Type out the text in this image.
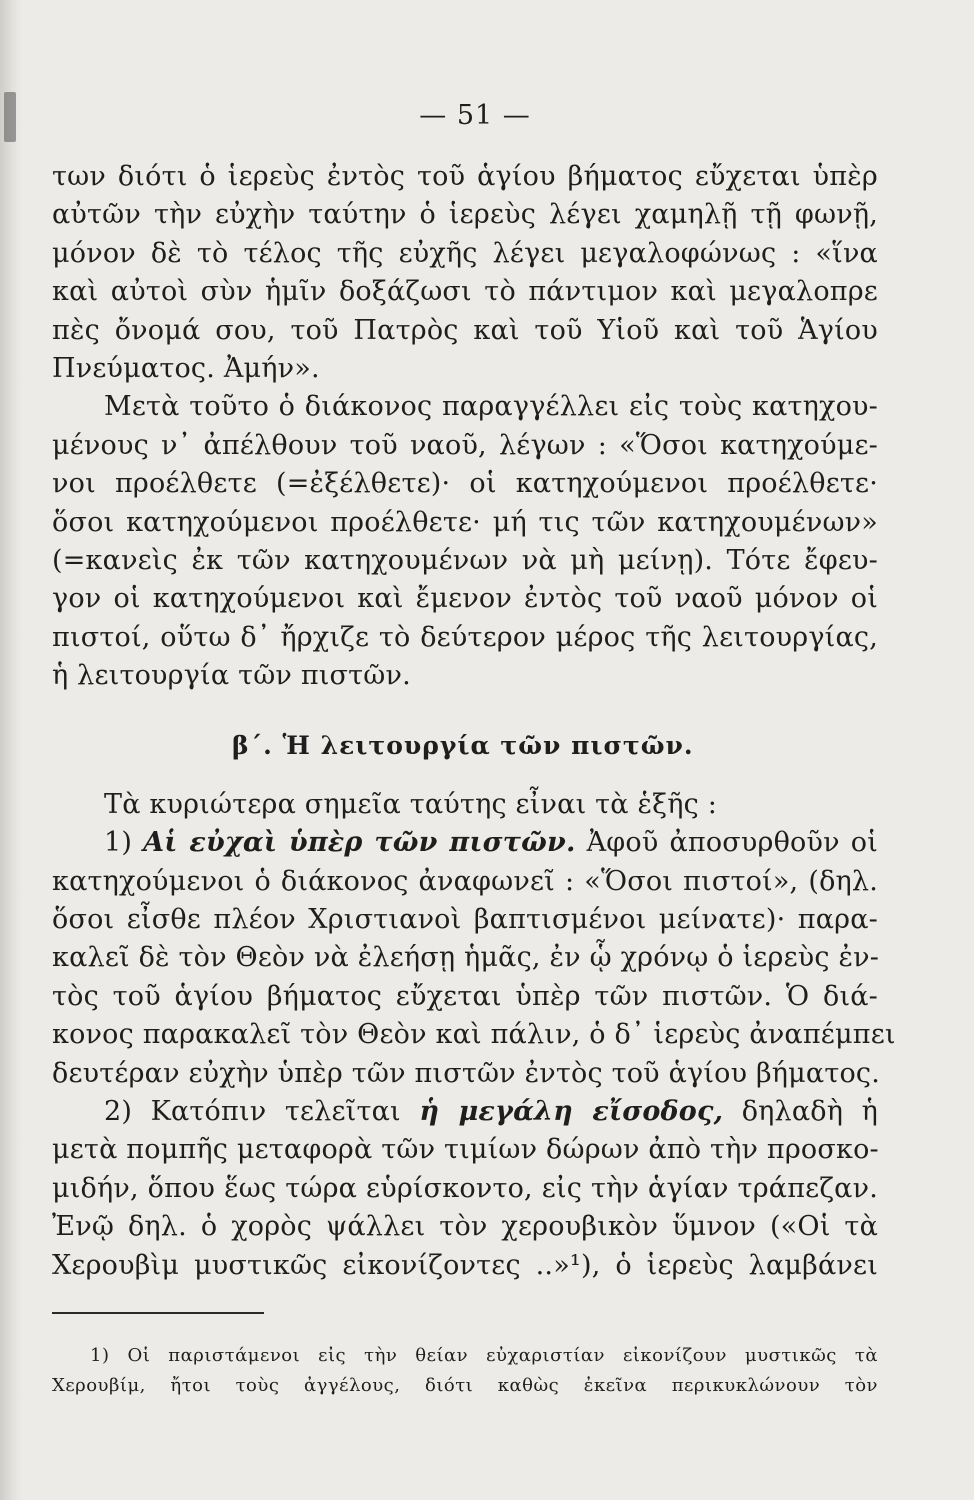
— 51 —
των διότι ὁ ἱερεὺς ἐντὸς τοῦ ἁγίου βήματος εὔχεται ὑπὲρ
αὐτῶν τὴν εὐχὴν ταύτην ὁ ἱερεὺς λέγει χαμηλῇ τῇ φωνῇ,
μόνον δὲ τὸ τέλος τῆς εὐχῆς λέγει μεγαλοφώνως : «ἵνα
καὶ αὐτοὶ σὺν ἡμῖν δοξάζωσι τὸ πάντιμον καὶ μεγαλοπρε
πὲς ὄνομά σου, τοῦ Πατρὸς καὶ τοῦ Υἱοῦ καὶ τοῦ Ἁγίου
Πνεύματος. Ἀμήν».
Μετὰ τοῦτο ὁ διάκονος παραγγέλλει εἰς τοὺς κατηχου-
μένους ν᾽ ἀπέλθουν τοῦ ναοῦ, λέγων : «Ὅσοι κατηχούμε-
νοι προέλθετε (=ἐξέλθετε)· οἱ κατηχούμενοι προέλθετε·
ὅσοι κατηχούμενοι προέλθετε· μή τις τῶν κατηχουμένων»
(=κανεὶς ἐκ τῶν κατηχουμένων νὰ μὴ μείνῃ). Τότε ἔφευ-
γον οἱ κατηχούμενοι καὶ ἔμενον ἐντὸς τοῦ ναοῦ μόνον οἱ
πιστοί, οὕτω δ᾽ ἤρχιζε τὸ δεύτερον μέρος τῆς λειτουργίας,
ἡ λειτουργία τῶν πιστῶν.
β΄. Ἡ λειτουργία τῶν πιστῶν.
Τὰ κυριώτερα σημεῖα ταύτης εἶναι τὰ ἑξῆς :
1) Αἱ εὐχαὶ ὑπὲρ τῶν πιστῶν. Ἀφοῦ ἀποσυρθοῦν οἱ
κατηχούμενοι ὁ διάκονος ἀναφωνεῖ : «Ὅσοι πιστοί», (δηλ.
ὅσοι εἶσθε πλέον Χριστιανοὶ βαπτισμένοι μείνατε)· παρα-
καλεῖ δὲ τὸν Θεὸν νὰ ἐλεήσῃ ἡμᾶς, ἐν ᾧ χρόνῳ ὁ ἱερεὺς ἐν-
τὸς τοῦ ἁγίου βήματος εὔχεται ὑπὲρ τῶν πιστῶν. Ὁ διά-
κονος παρακαλεῖ τὸν Θεὸν καὶ πάλιν, ὁ δ᾽ ἱερεὺς ἀναπέμπει
δευτέραν εὐχὴν ὑπὲρ τῶν πιστῶν ἐντὸς τοῦ ἁγίου βήματος.
2) Κατόπιν τελεῖται ἡ μεγάλη εἴσοδος, δηλαδὴ ἡ
μετὰ πομπῆς μεταφορὰ τῶν τιμίων δώρων ἀπὸ τὴν προσκο-
μιδήν, ὅπου ἕως τώρα εὑρίσκοντο, εἰς τὴν ἁγίαν τράπεζαν.
Ἐνῷ δηλ. ὁ χορὸς ψάλλει τὸν χερουβικὸν ὕμνον («Οἱ τὰ
Χερουβὶμ μυστικῶς εἰκονίζοντες ..»¹), ὁ ἱερεὺς λαμβάνει
1) Οἱ παριστάμενοι εἰς τὴν θείαν εὐχαριστίαν εἰκονίζουν μυστικῶς τὰ
Χερουβίμ, ἤτοι τοὺς ἀγγέλους, διότι καθὼς ἐκεῖνα περικυκλώνουν τὸν
